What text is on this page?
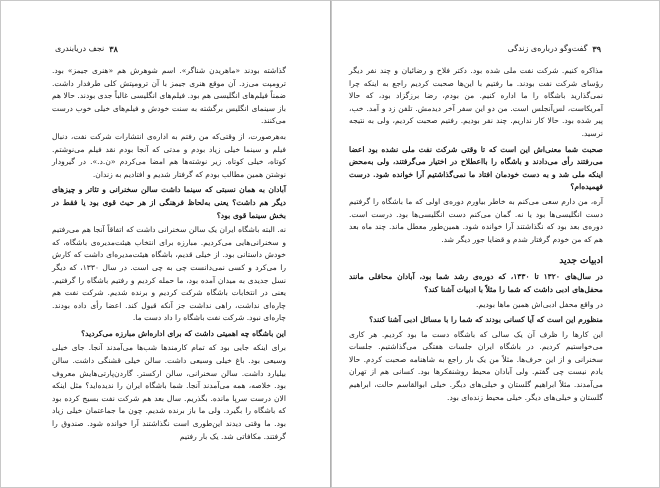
۳۸
نجف دریابندری

گذاشته بودند «ماهریدن شناگر». اسم شوهرش هم «هنری جیمز» بود. ترومپت می‌زد. آن موقع هنری جیمز با آن ترومپتش کلی طرفدار داشت. ضمناً فیلم‌های انگلیسی هم بود. فیلم‌های انگلیسی غالباً جدی بودند. حالا هم باز سینمای انگلیس برگشته به سنت خودش و فیلم‌های خیلی خوب درست می‌کنند.

به‌هرصورت، از وقتی‌که من رفتم به اداره‌ی انتشارات شرکت نفت، دنبال فیلم و سینما خیلی زیاد بودم و مدتی که آنجا بودم نقد فیلم می‌نوشتم. کوتاه، خیلی کوتاه. زیر نوشته‌ها هم امضا می‌کردم «ن.د.». در گیرودار نوشتن همین مطالب بودم که گرفتار شدیم و افتادیم به زندان.

آبادان به همان نسبتی که سینما داشت سالن سخنرانی و تئاتر و چیزهای دیگر هم داشت؟ یعنی به‌لحاظ فرهنگی از هر حیث قوی بود یا فقط در بخش سینما قوی بود؟

نه. البته باشگاه ایران یک سالن سخنرانی داشت که اتفاقاً آنجا هم می‌رفتیم و سخنرانی‌هایی می‌کردیم. مبارزه برای انتخاب هیئت‌مدیره‌ی باشگاه، که خودش داستانی بود. از خیلی قدیم، باشگاه هیئت‌مدیره‌ای داشت که کارش را می‌کرد و کسی نمی‌دانست چی به چی است. در سال ۱۳۳۰، که دیگر نسل جدیدی به میدان آمده بود، ما حمله کردیم و رفتیم باشگاه را گرفتیم. یعنی در انتخابات باشگاه شرکت کردیم و برنده شدیم. شرکت نفت هم چاره‌ای نداشت، راهی نداشت جز آنکه قبول کند. اعضا رأی داده بودند. چاره‌ای نبود. شرکت نفت باشگاه را داد دست ما.

این باشگاه چه اهمیتی داشت که برای اداره‌اش مبارزه می‌کردید؟

برای اینکه جایی بود که تمام کارمندها شب‌ها می‌آمدند آنجا. جای خیلی وسیعی بود. باغ خیلی وسیعی داشت. سالن خیلی قشنگی داشت. سالن بیلیارد داشت. سالن سخنرانی، سالن ارکستر. گاردن‌پارتی‌هایش معروف بود. خلاصه، همه می‌آمدند آنجا. شما باشگاه ایران را ندیده‌اید؟ مثل اینکه الان درست سرپا مانده. بگذریم. سال بعد هم شرکت نفت بسیج کرده بود که باشگاه را بگیرد. ولی ما باز برنده شدیم. چون ما جماعتمان خیلی زیاد بود. ما وقتی دیدند این‌طوری است نگذاشتند آرا خوانده شود. صندوق را گرفتند. مکافاتی شد. یک بار رفتیم

۳۹
گفت‌وگو درباره‌ی زندگی

مذاکره کنیم. شرکت نفت ملی شده بود. دکتر فلاح و رضائیان و چند نفر دیگر رؤسای شرکت نفت بودند. ما رفتیم با این‌ها صحبت کردیم راجع به اینکه چرا نمی‌گذارید باشگاه را ما اداره کنیم. من بودم، رضا برزگزاد بود، که حالا آمریکاست، لس‌آنجلس است. من دو این سفر آخر دیدمش. تلفن زد و آمد. خب، پیر شده بود. حالا کار نداریم. چند نفر بودیم. رفتیم صحبت کردیم، ولی به نتیجه نرسید.

صحبت شما معنی‌اش این است که تا وقتی شرکت نفت ملی نشده بود اعضا می‌رفتند رأی می‌دادند و باشگاه را بااعطلاح در اختیار می‌گرفتند، ولی به‌محض اینکه ملی شد و به دست خودمان افتاد ما نمی‌گذاشتیم آرا خوانده شود. درست فهمیده‌ام؟

آره، من دارم سعی می‌کنم به خاطر بیاورم دوره‌ی اولی که ما باشگاه را گرفتیم دست انگلیسی‌ها بود یا نه. گمان می‌کنم دست انگلیسی‌ها بود. درست است. دوره‌ی بعد بود که نگذاشتند آرا خوانده شود. همین‌طور معطل ماند. چند ماه بعد هم که من خودم گرفتار شدم و قضایا جور دیگر شد.

ادبیات جدید

در سال‌های ۱۳۲۰ تا ۱۳۳۰، که دوره‌ی رشد شما بود، آبادان محافلی مانند محفل‌های ادبی داشت که شما را مثلاً با ادبیات آشنا کند؟

در واقع محفل ادبی‌اش همین ماها بودیم.

منظورم این است که آیا کسانی بودند که شما را با مسائل ادبی آشنا کنند؟

این کارها را ظرف آن یک سالی که باشگاه دست ما بود کردیم. هر کاری می‌خواستیم کردیم. در باشگاه ایران جلسات هفتگی می‌گذاشتیم. جلسات سخنرانی و از این حرف‌ها. مثلاً من یک بار راجع به شاهنامه صحبت کردم. حالا یادم نیست چی گفتم. ولی آبادان محیط روشنفکرها بود. کسانی هم از تهران می‌آمدند. مثلاً ابراهیم گلستان و خیلی‌های دیگر. خیلی ابوالقاسم حالت، ابراهیم گلستان و خیلی‌های دیگر. خیلی محیط زنده‌ای بود.
